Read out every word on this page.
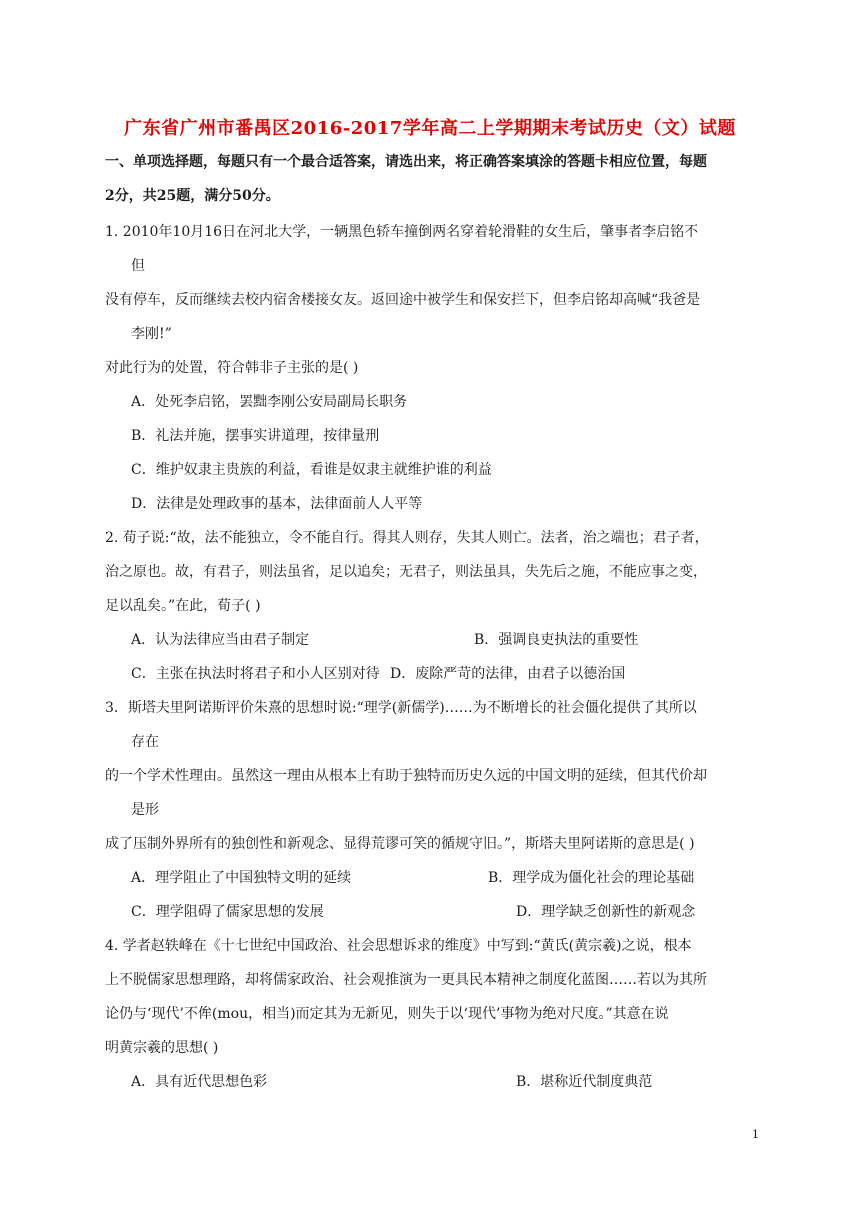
广东省广州市番禺区2016-2017学年高二上学期期末考试历史（文）试题
一、单项选择题，每题只有一个最合适答案，请选出来，将正确答案填涂的答题卡相应位置，每题
2分，共25题，满分50分。
1. 2010年10月16日在河北大学，一辆黑色轿车撞倒两名穿着轮滑鞋的女生后，肇事者李启铭不
但
没有停车，反而继续去校内宿舍楼接女友。返回途中被学生和保安拦下，但李启铭却高喊“我爸是
李刚!”
对此行为的处置，符合韩非子主张的是( )
A．处死李启铭，罢黜李刚公安局副局长职务
B．礼法并施，摆事实讲道理，按律量刑
C．维护奴隶主贵族的利益，看谁是奴隶主就维护谁的利益
D．法律是处理政事的基本，法律面前人人平等
2. 荀子说:“故，法不能独立，令不能自行。得其人则存，失其人则亡。法者，治之端也；君子者，
治之原也。故，有君子，则法虽省，足以追矣；无君子，则法虽具，失先后之施，不能应事之变，
足以乱矣。”在此，荀子( )
A．认为法律应当由君子制定	B．强调良吏执法的重要性
C．主张在执法时将君子和小人区别对待 D．废除严苛的法律，由君子以德治国
3．斯塔夫里阿诺斯评价朱熹的思想时说:“理学(新儒学)……为不断增长的社会僵化提供了其所以
存在
的一个学术性理由。虽然这一理由从根本上有助于独特而历史久远的中国文明的延续，但其代价却
是形
成了压制外界所有的独创性和新观念、显得荒谬可笑的循规守旧。”，斯塔夫里阿诺斯的意思是( )
A．理学阻止了中国独特文明的延续	B．理学成为僵化社会的理论基础
C．理学阻碍了儒家思想的发展	D．理学缺乏创新性的新观念
4. 学者赵轶峰在《十七世纪中国政治、社会思想诉求的维度》中写到:“黄氏(黄宗羲)之说，根本
上不脱儒家思想理路，却将儒家政治、社会观推演为一更具民本精神之制度化蓝图……若以为其所
论仍与‘现代’不侔(mou，相当)而定其为无新见，则失于以‘现代’事物为绝对尺度。”其意在说
明黄宗羲的思想( )
A．具有近代思想色彩	B．堪称近代制度典范
1
